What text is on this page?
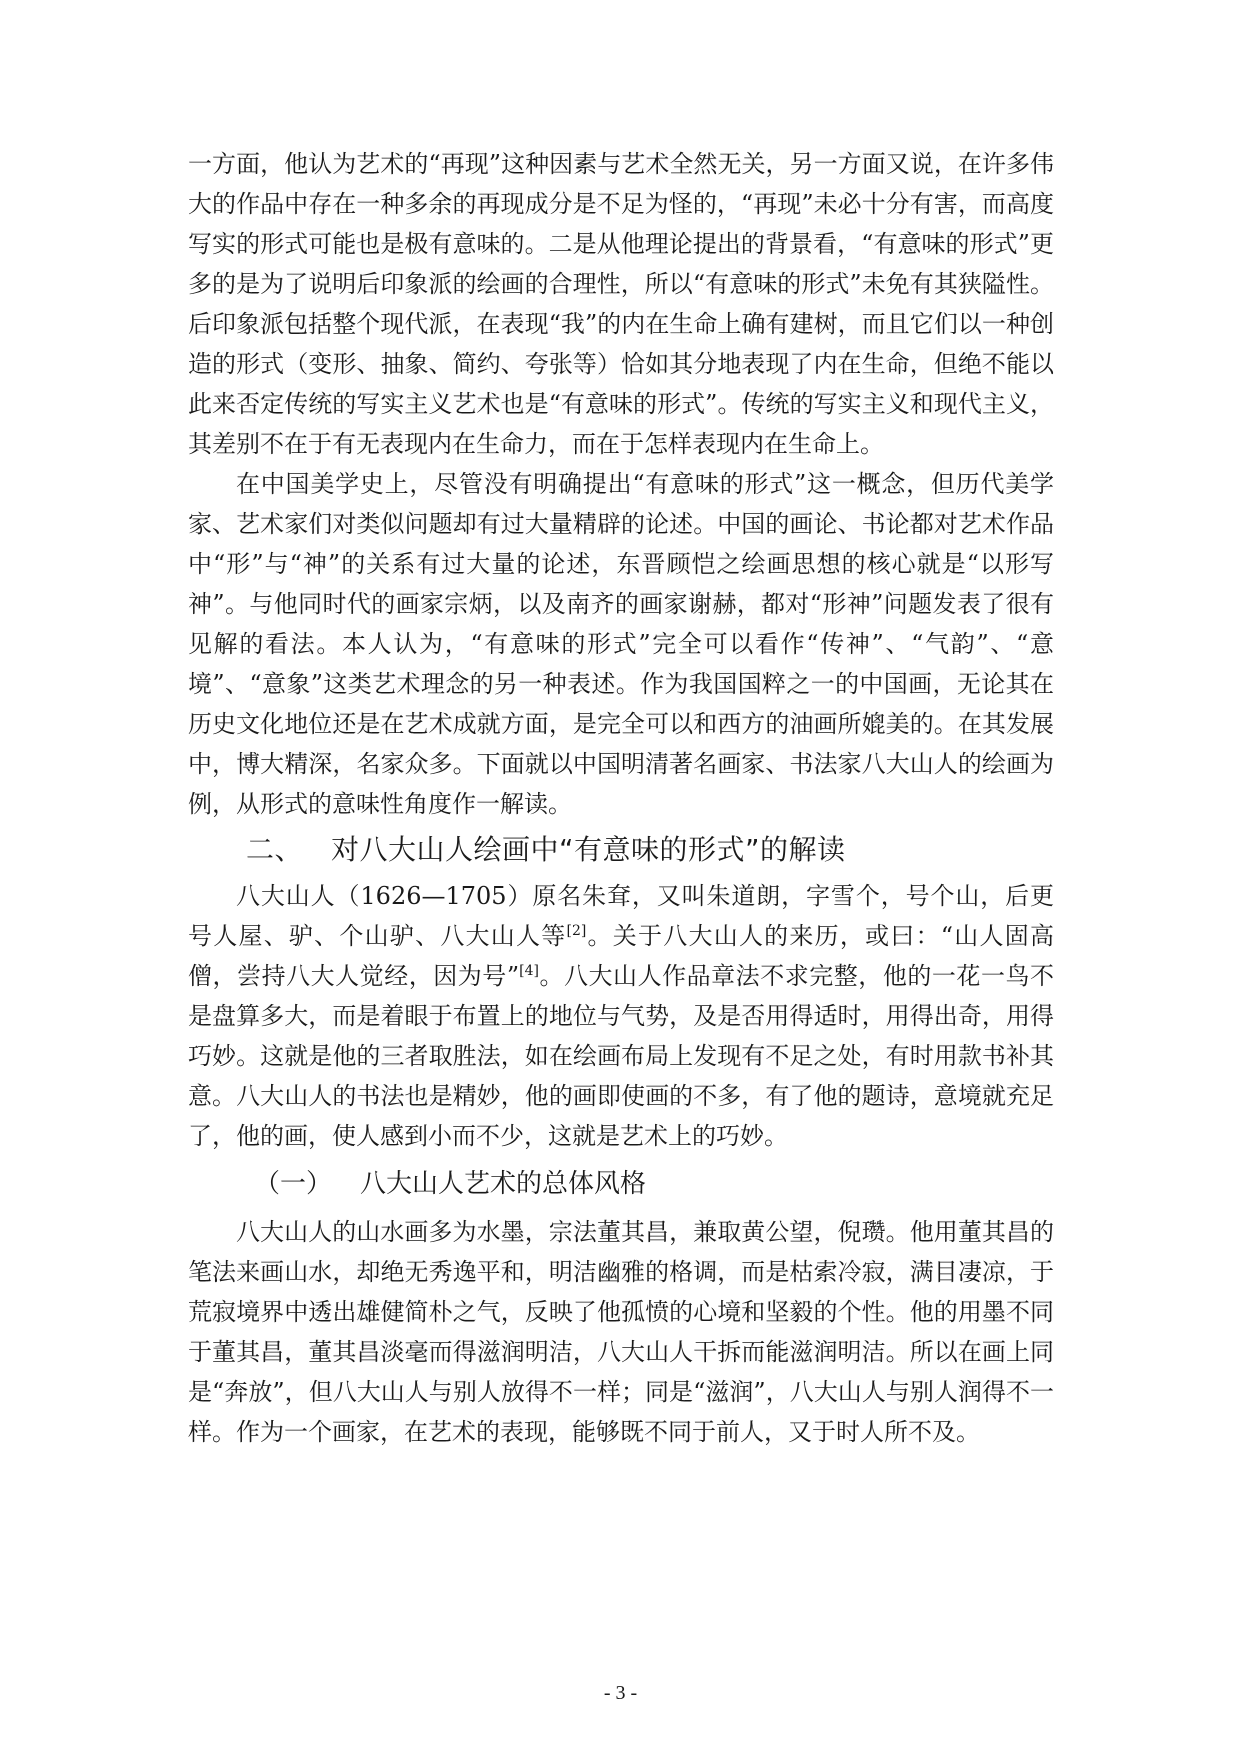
一方面，他认为艺术的“再现”这种因素与艺术全然无关，另一方面又说，在许多伟大的作品中存在一种多余的再现成分是不足为怪的，“再现”未必十分有害，而高度写实的形式可能也是极有意味的。二是从他理论提出的背景看，“有意味的形式”更多的是为了说明后印象派的绘画的合理性，所以“有意味的形式”未免有其狭隘性。后印象派包括整个现代派，在表现“我”的内在生命上确有建树，而且它们以一种创造的形式（变形、抽象、简约、夸张等）恰如其分地表现了内在生命，但绝不能以此来否定传统的写实主义艺术也是“有意味的形式”。传统的写实主义和现代主义，其差别不在于有无表现内在生命力，而在于怎样表现内在生命上。

在中国美学史上，尽管没有明确提出“有意味的形式”这一概念，但历代美学家、艺术家们对类似问题却有过大量精辟的论述。中国的画论、书论都对艺术作品中“形”与“神”的关系有过大量的论述，东晋顾恺之绘画思想的核心就是“以形写神”。与他同时代的画家宗炳，以及南齐的画家谢赫，都对“形神”问题发表了很有见解的看法。本人认为，“有意味的形式”完全可以看作“传神”、“气韵”、“意境”、“意象”这类艺术理念的另一种表述。作为我国国粹之一的中国画，无论其在历史文化地位还是在艺术成就方面，是完全可以和西方的油画所媲美的。在其发展中，博大精深，名家众多。下面就以中国明清著名画家、书法家八大山人的绘画为例，从形式的意味性角度作一解读。

二、 对八大山人绘画中“有意味的形式”的解读

八大山人（1626—1705）原名朱耷，又叫朱道朗，字雪个，号个山，后更号人屋、驴、个山驴、八大山人等[2]。关于八大山人的来历，或曰：“山人固高僧，尝持八大人觉经，因为号”[4]。八大山人作品章法不求完整，他的一花一鸟不是盘算多大，而是着眼于布置上的地位与气势，及是否用得适时，用得出奇，用得巧妙。这就是他的三者取胜法，如在绘画布局上发现有不足之处，有时用款书补其意。八大山人的书法也是精妙，他的画即使画的不多，有了他的题诗，意境就充足了，他的画，使人感到小而不少，这就是艺术上的巧妙。

（一） 八大山人艺术的总体风格

八大山人的山水画多为水墨，宗法董其昌，兼取黄公望，倪瓒。他用董其昌的笔法来画山水，却绝无秀逸平和，明洁幽雅的格调，而是枯索冷寂，满目凄凉，于荒寂境界中透出雄健简朴之气，反映了他孤愤的心境和坚毅的个性。他的用墨不同于董其昌，董其昌淡毫而得滋润明洁，八大山人干拆而能滋润明洁。所以在画上同是“奔放”，但八大山人与别人放得不一样；同是“滋润”，八大山人与别人润得不一样。作为一个画家，在艺术的表现，能够既不同于前人，又于时人所不及。

- 3 -
